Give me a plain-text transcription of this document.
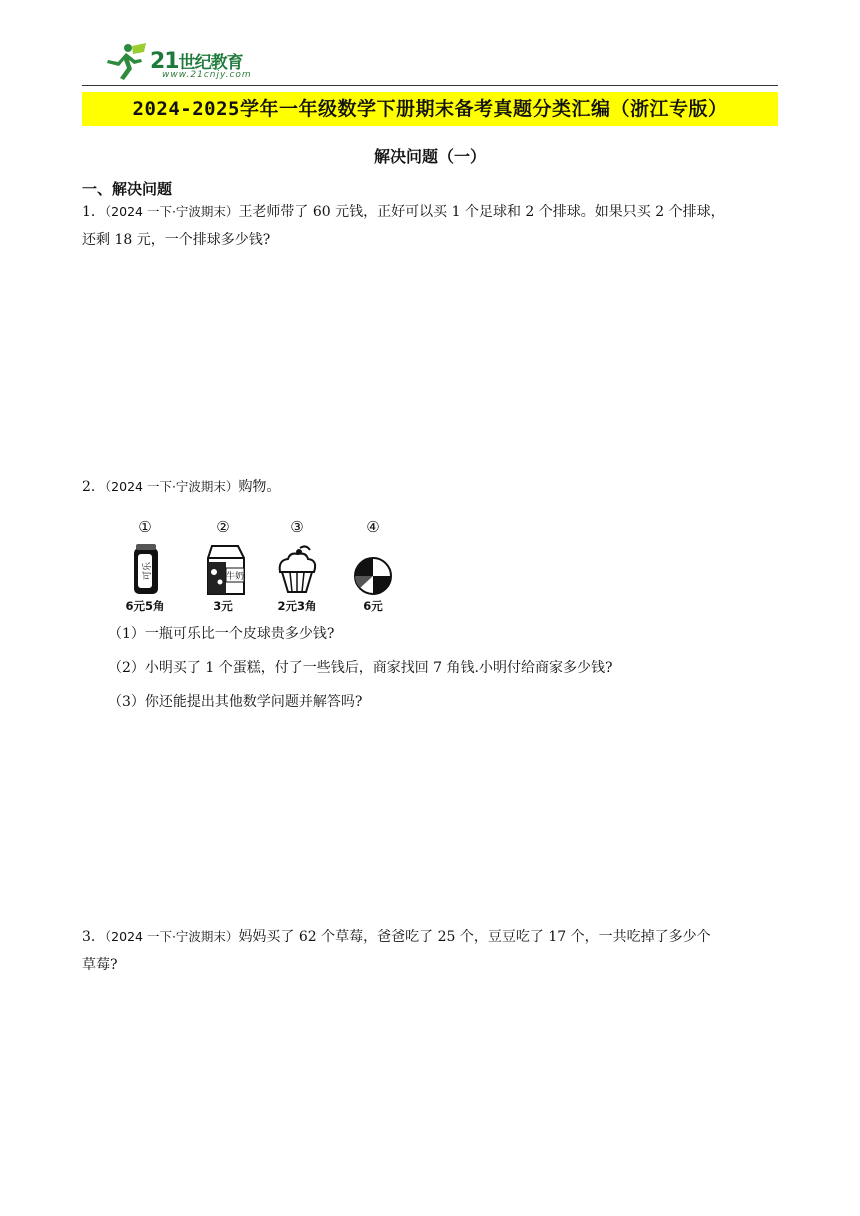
21世纪教育
www.21cnjy.com
2024-2025学年一年级数学下册期末备考真题分类汇编（浙江专版）
解决问题（一）
一、解决问题
1．（2024 一下·宁波期末）王老师带了 60 元钱，正好可以买 1 个足球和 2 个排球。如果只买 2 个排球，
还剩 18 元，一个排球多少钱?
2．（2024 一下·宁波期末）购物。
①
可乐
6元5角
②
牛奶
3元
③
2元3角
④
6元
（1）一瓶可乐比一个皮球贵多少钱?
（2）小明买了 1 个蛋糕，付了一些钱后，商家找回 7 角钱.小明付给商家多少钱?
（3）你还能提出其他数学问题并解答吗?
3．（2024 一下·宁波期末）妈妈买了 62 个草莓，爸爸吃了 25 个，豆豆吃了 17 个，一共吃掉了多少个
草莓?
